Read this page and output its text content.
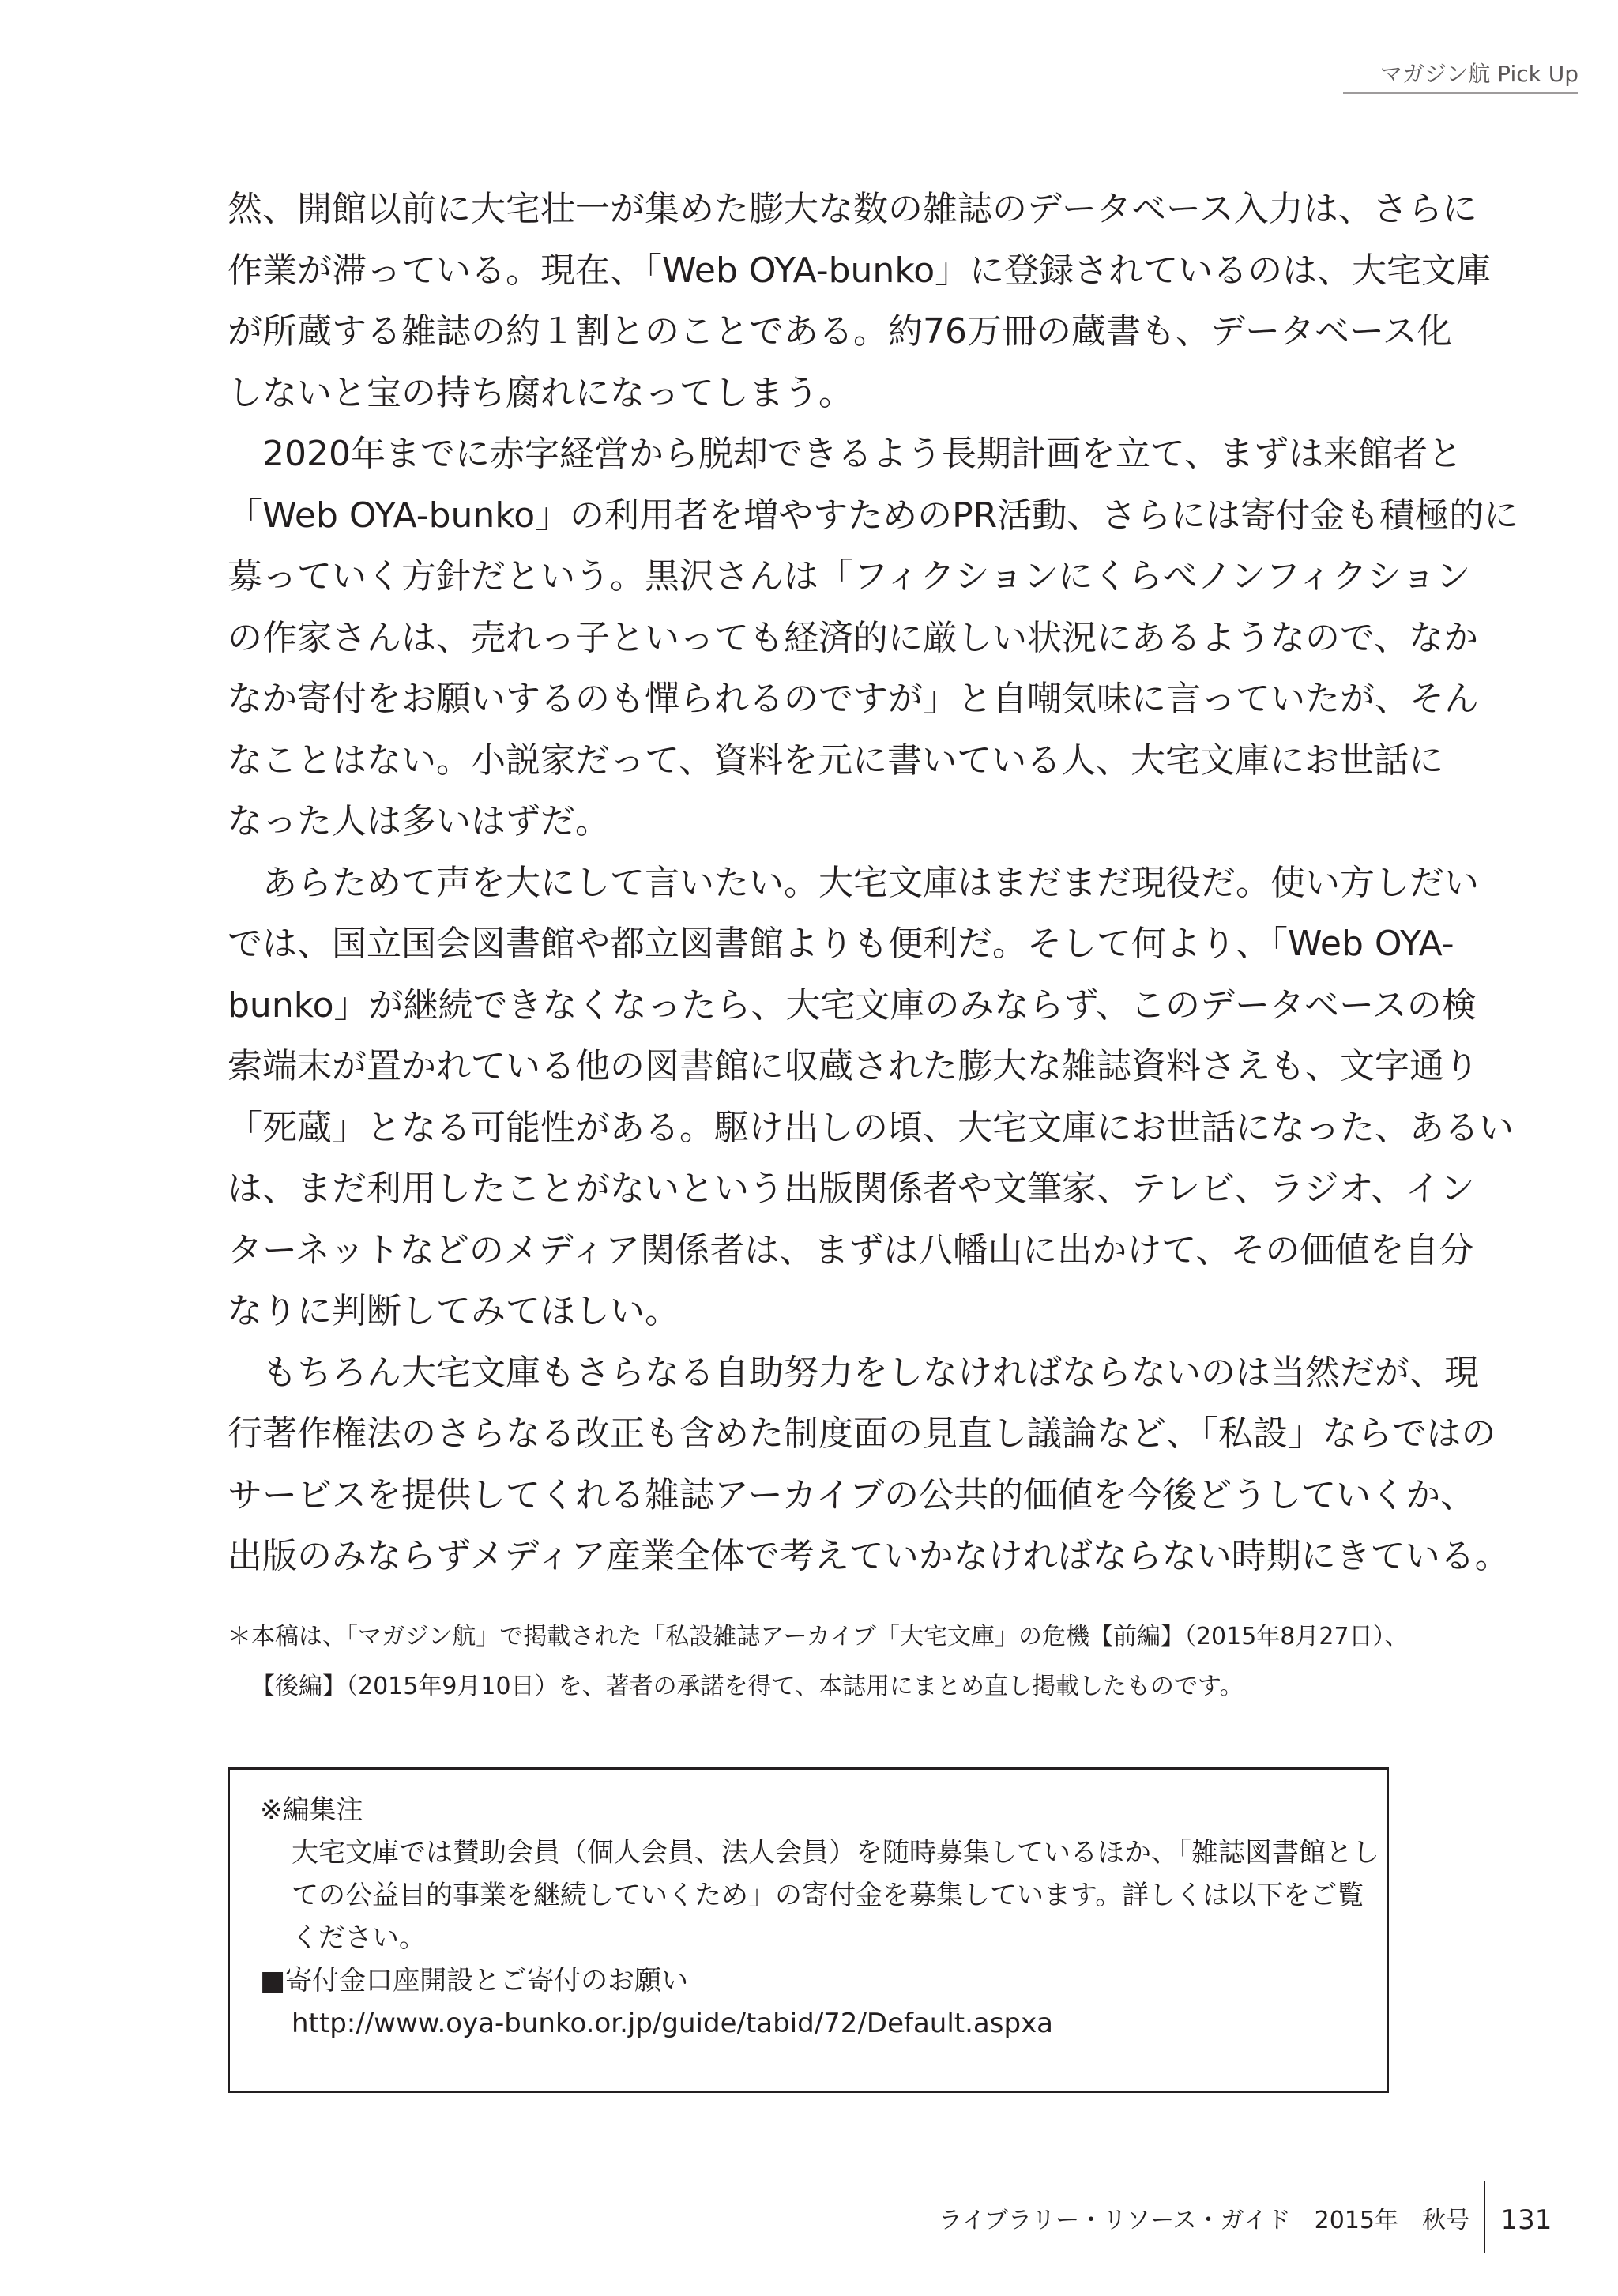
マガジン航 Pick Up
然、開館以前に大宅壮一が集めた膨大な数の雑誌のデータベース入力は、さらに
作業が滞っている。現在、「Web OYA-bunko」に登録されているのは、大宅文庫
が所蔵する雑誌の約１割とのことである。約76万冊の蔵書も、データベース化
しないと宝の持ち腐れになってしまう。
　2020年までに赤字経営から脱却できるよう長期計画を立て、まずは来館者と
「Web OYA-bunko」の利用者を増やすためのPR活動、さらには寄付金も積極的に
募っていく方針だという。黒沢さんは「フィクションにくらべノンフィクション
の作家さんは、売れっ子といっても経済的に厳しい状況にあるようなので、なか
なか寄付をお願いするのも憚られるのですが」と自嘲気味に言っていたが、そん
なことはない。小説家だって、資料を元に書いている人、大宅文庫にお世話に
なった人は多いはずだ。
　あらためて声を大にして言いたい。大宅文庫はまだまだ現役だ。使い方しだい
では、国立国会図書館や都立図書館よりも便利だ。そして何より、「Web OYA-
bunko」が継続できなくなったら、大宅文庫のみならず、このデータベースの検
索端末が置かれている他の図書館に収蔵された膨大な雑誌資料さえも、文字通り
「死蔵」となる可能性がある。駆け出しの頃、大宅文庫にお世話になった、あるい
は、まだ利用したことがないという出版関係者や文筆家、テレビ、ラジオ、イン
ターネットなどのメディア関係者は、まずは八幡山に出かけて、その価値を自分
なりに判断してみてほしい。
　もちろん大宅文庫もさらなる自助努力をしなければならないのは当然だが、現
行著作権法のさらなる改正も含めた制度面の見直し議論など、「私設」ならではの
サービスを提供してくれる雑誌アーカイブの公共的価値を今後どうしていくか、
出版のみならずメディア産業全体で考えていかなければならない時期にきている。
＊本稿は、「マガジン航」で掲載された「私設雑誌アーカイブ「大宅文庫」の危機【前編】（2015年8月27日）、
【後編】（2015年9月10日）を、著者の承諾を得て、本誌用にまとめ直し掲載したものです。
※編集注
大宅文庫では賛助会員（個人会員、法人会員）を随時募集しているほか、「雑誌図書館とし
ての公益目的事業を継続していくため」の寄付金を募集しています。詳しくは以下をご覧
ください。
■寄付金口座開設とご寄付のお願い
http://www.oya-bunko.or.jp/guide/tabid/72/Default.aspxa
ライブラリー・リソース・ガイド　2015年　秋号 131
